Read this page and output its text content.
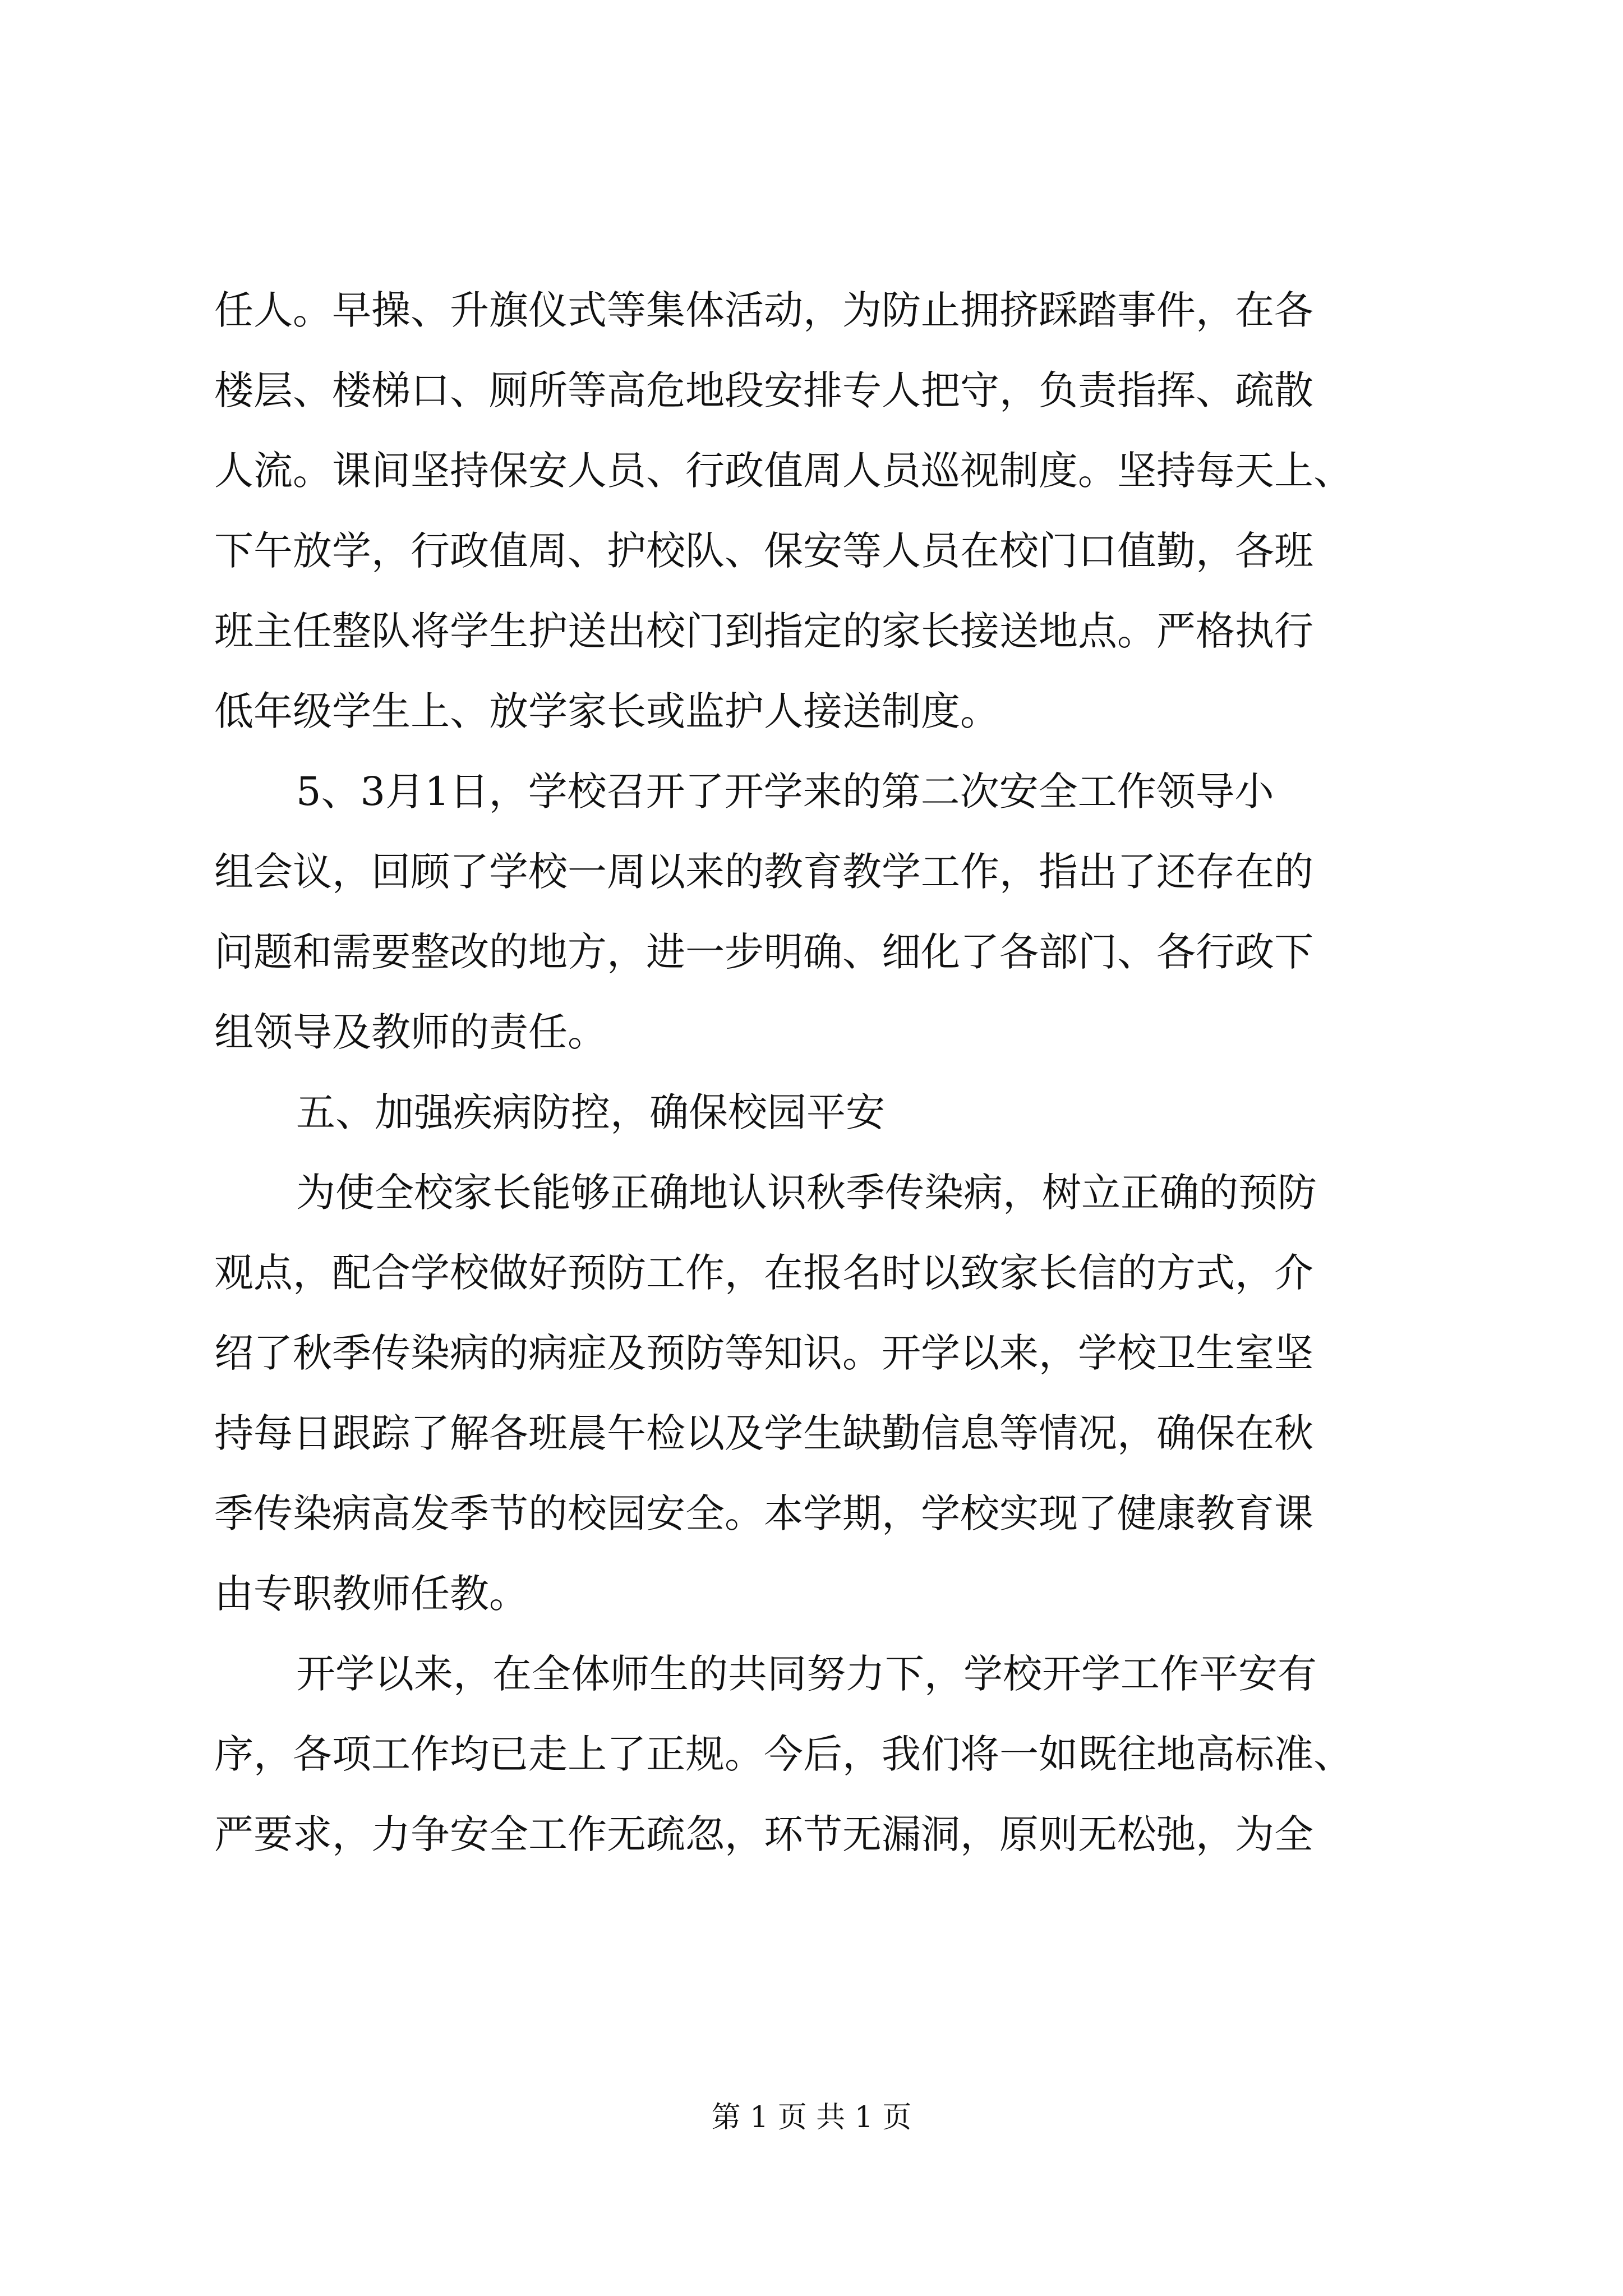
任人。早操、升旗仪式等集体活动，为防止拥挤踩踏事件，在各
楼层、楼梯口、厕所等高危地段安排专人把守，负责指挥、疏散
人流。课间坚持保安人员、行政值周人员巡视制度。坚持每天上、
下午放学，行政值周、护校队、保安等人员在校门口值勤，各班
班主任整队将学生护送出校门到指定的家长接送地点。严格执行
低年级学生上、放学家长或监护人接送制度。
5、3月1日，学校召开了开学来的第二次安全工作领导小
组会议，回顾了学校一周以来的教育教学工作，指出了还存在的
问题和需要整改的地方，进一步明确、细化了各部门、各行政下
组领导及教师的责任。
五、加强疾病防控，确保校园平安
为使全校家长能够正确地认识秋季传染病，树立正确的预防
观点，配合学校做好预防工作，在报名时以致家长信的方式，介
绍了秋季传染病的病症及预防等知识。开学以来，学校卫生室坚
持每日跟踪了解各班晨午检以及学生缺勤信息等情况，确保在秋
季传染病高发季节的校园安全。本学期，学校实现了健康教育课
由专职教师任教。
开学以来，在全体师生的共同努力下，学校开学工作平安有
序，各项工作均已走上了正规。今后，我们将一如既往地高标准、
严要求，力争安全工作无疏忽，环节无漏洞，原则无松弛，为全
第 1 页 共 1 页
